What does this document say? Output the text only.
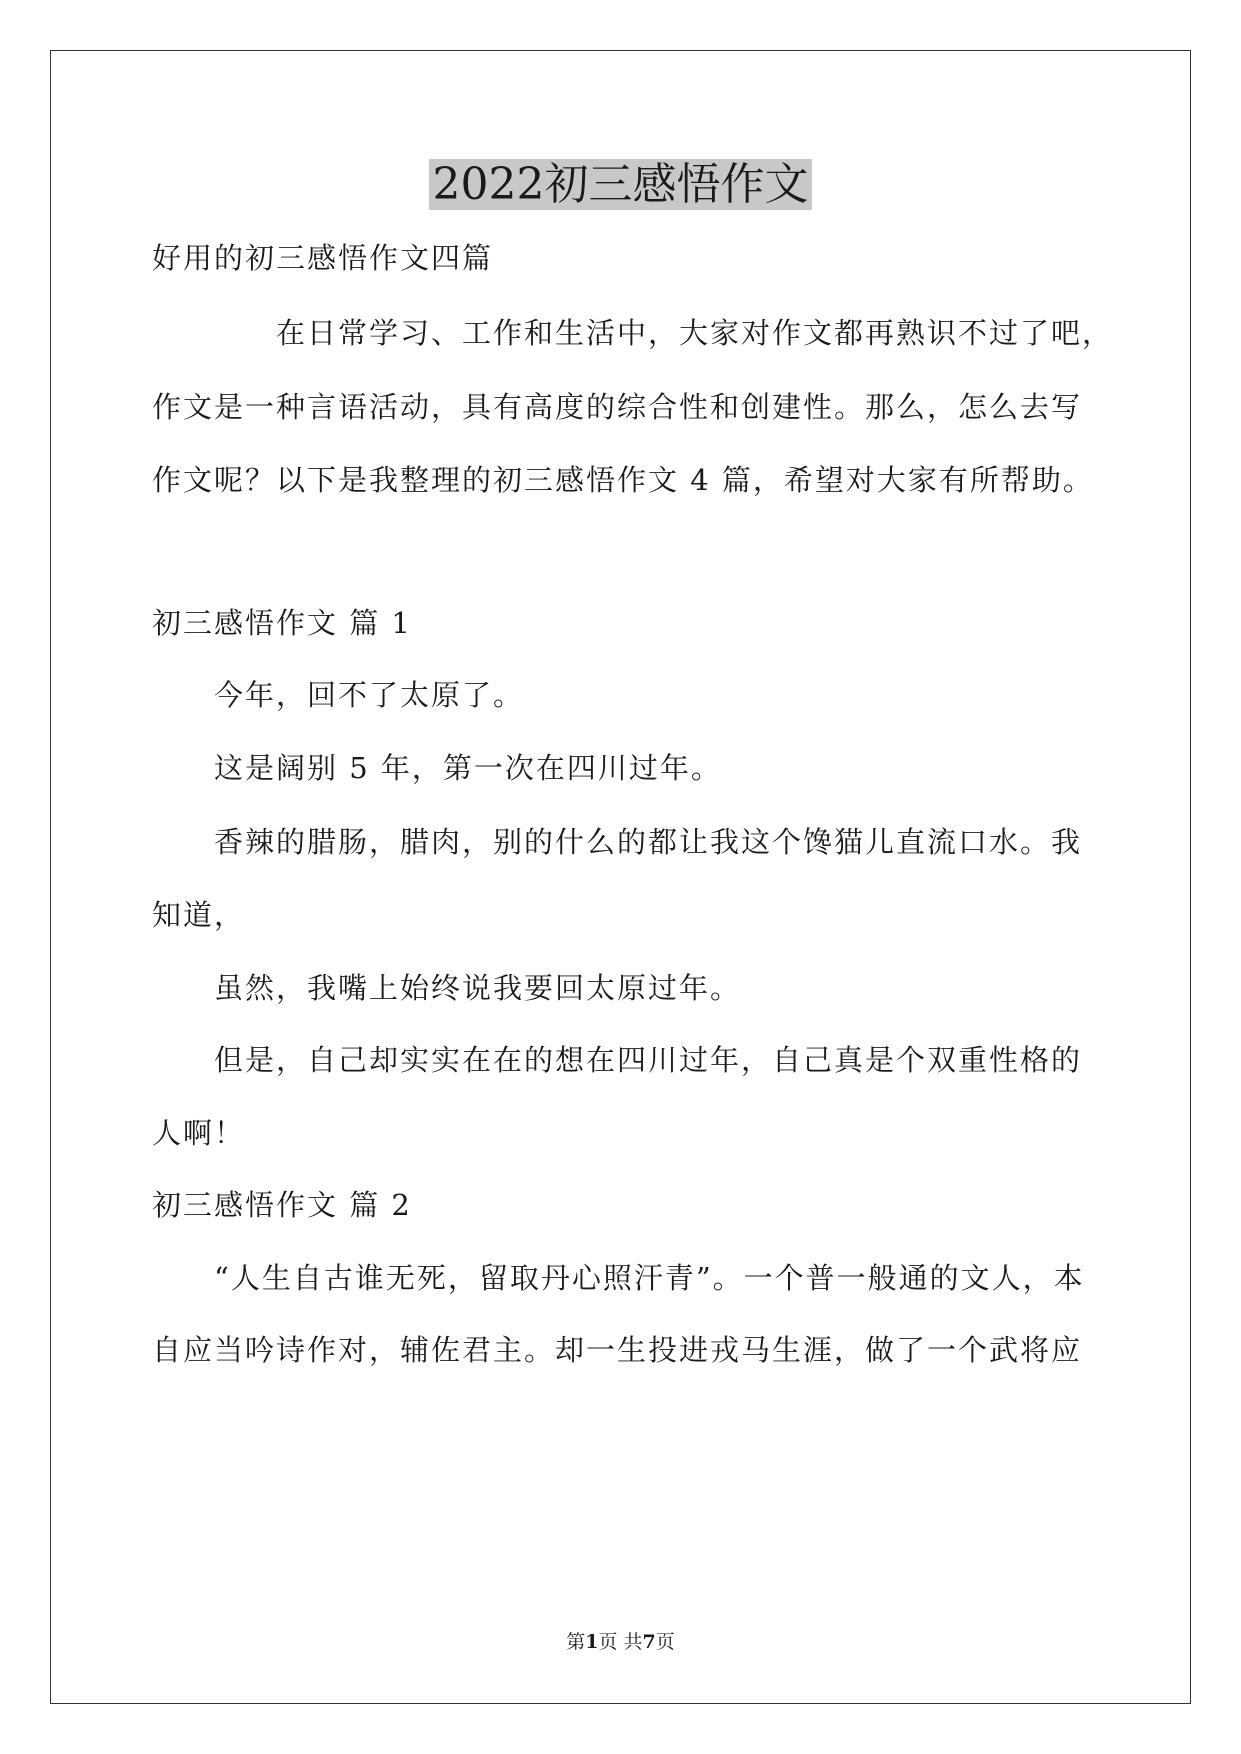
2022初三感悟作文

好用的初三感悟作文四篇

在日常学习、工作和生活中，大家对作文都再熟识不过了吧，

作文是一种言语活动，具有高度的综合性和创建性。那么，怎么去写

作文呢？以下是我整理的初三感悟作文 4 篇，希望对大家有所帮助。

初三感悟作文 篇 1

今年，回不了太原了。

这是阔别 5 年，第一次在四川过年。

香辣的腊肠，腊肉，别的什么的都让我这个馋猫儿直流口水。我

知道，

虽然，我嘴上始终说我要回太原过年。

但是，自己却实实在在的想在四川过年，自己真是个双重性格的

人啊！

初三感悟作文 篇 2

“人生自古谁无死，留取丹心照汗青”。一个普一般通的文人，本

自应当吟诗作对，辅佐君主。却一生投进戎马生涯，做了一个武将应

第1页 共7页
